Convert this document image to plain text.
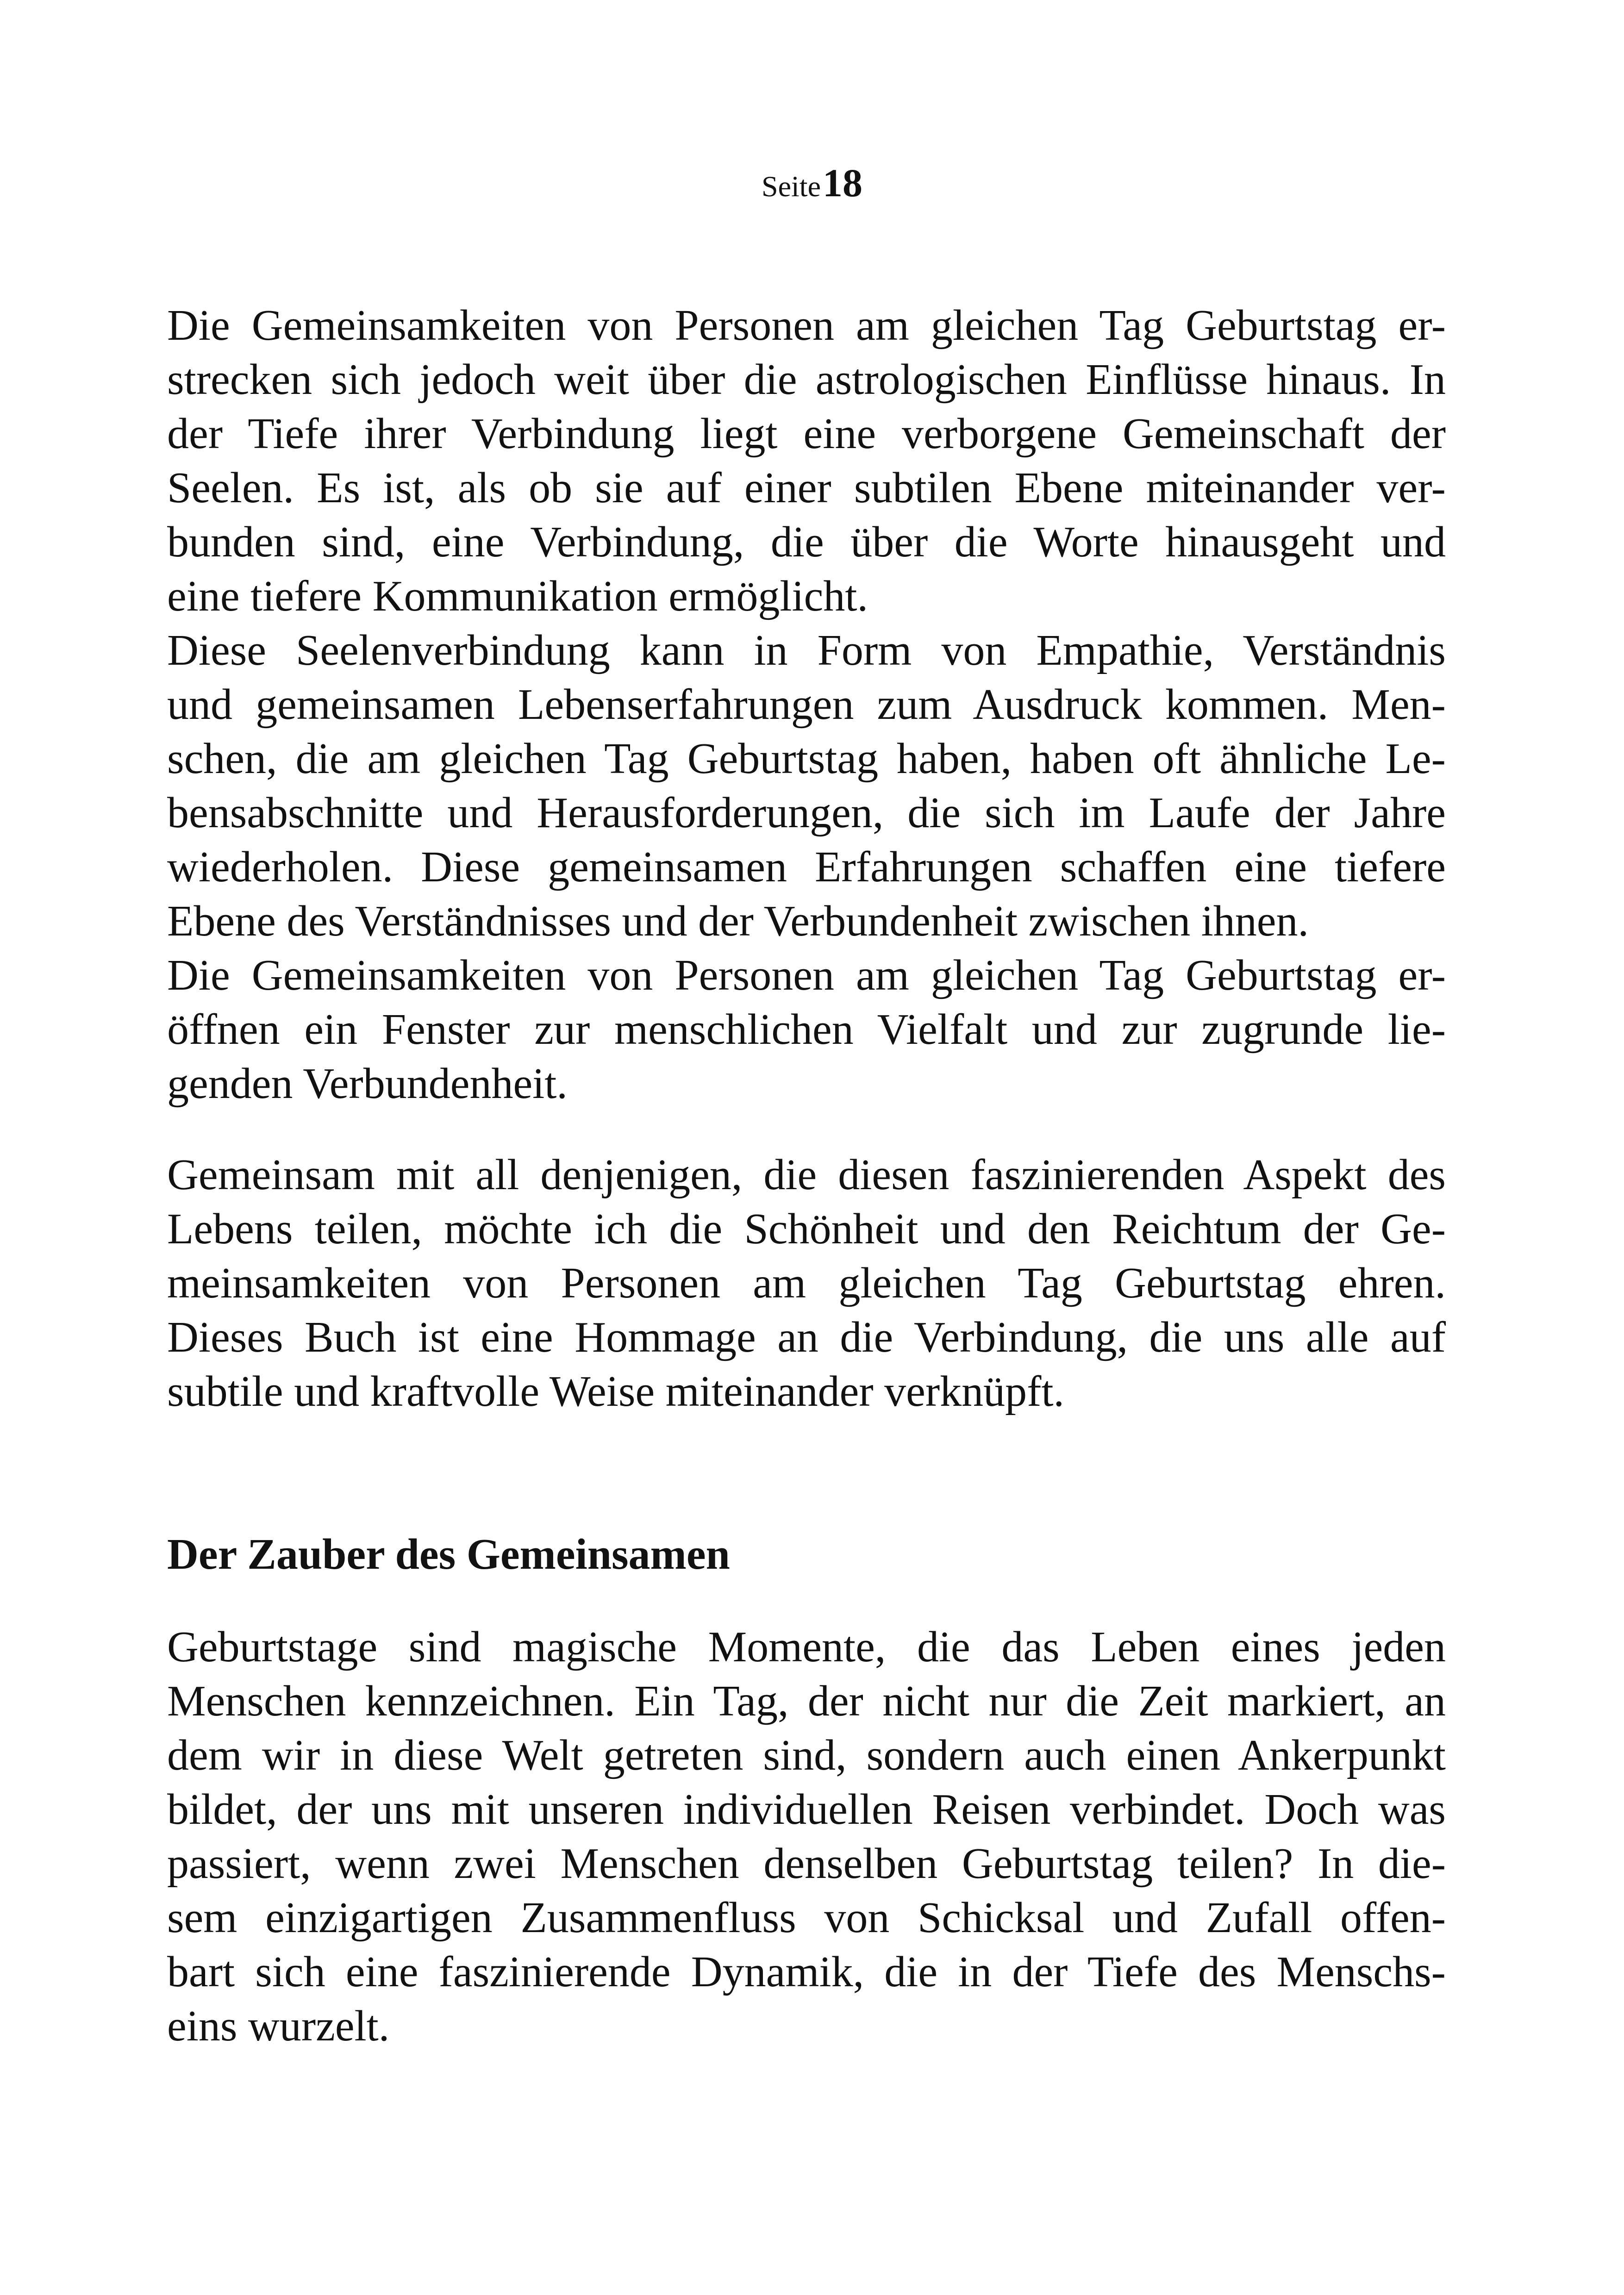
Seite 18
Die Gemeinsamkeiten von Personen am gleichen Tag Geburtstag er-
strecken sich jedoch weit über die astrologischen Einflüsse hinaus. In
der Tiefe ihrer Verbindung liegt eine verborgene Gemeinschaft der
Seelen. Es ist, als ob sie auf einer subtilen Ebene miteinander ver-
bunden sind, eine Verbindung, die über die Worte hinausgeht und
eine tiefere Kommunikation ermöglicht.
Diese Seelenverbindung kann in Form von Empathie, Verständnis
und gemeinsamen Lebenserfahrungen zum Ausdruck kommen. Men-
schen, die am gleichen Tag Geburtstag haben, haben oft ähnliche Le-
bensabschnitte und Herausforderungen, die sich im Laufe der Jahre
wiederholen. Diese gemeinsamen Erfahrungen schaffen eine tiefere
Ebene des Verständnisses und der Verbundenheit zwischen ihnen.
Die Gemeinsamkeiten von Personen am gleichen Tag Geburtstag er-
öffnen ein Fenster zur menschlichen Vielfalt und zur zugrunde lie-
genden Verbundenheit.
Gemeinsam mit all denjenigen, die diesen faszinierenden Aspekt des
Lebens teilen, möchte ich die Schönheit und den Reichtum der Ge-
meinsamkeiten von Personen am gleichen Tag Geburtstag ehren.
Dieses Buch ist eine Hommage an die Verbindung, die uns alle auf
subtile und kraftvolle Weise miteinander verknüpft.
Der Zauber des Gemeinsamen
Geburtstage sind magische Momente, die das Leben eines jeden
Menschen kennzeichnen. Ein Tag, der nicht nur die Zeit markiert, an
dem wir in diese Welt getreten sind, sondern auch einen Ankerpunkt
bildet, der uns mit unseren individuellen Reisen verbindet. Doch was
passiert, wenn zwei Menschen denselben Geburtstag teilen? In die-
sem einzigartigen Zusammenfluss von Schicksal und Zufall offen-
bart sich eine faszinierende Dynamik, die in der Tiefe des Menschs-
eins wurzelt.
